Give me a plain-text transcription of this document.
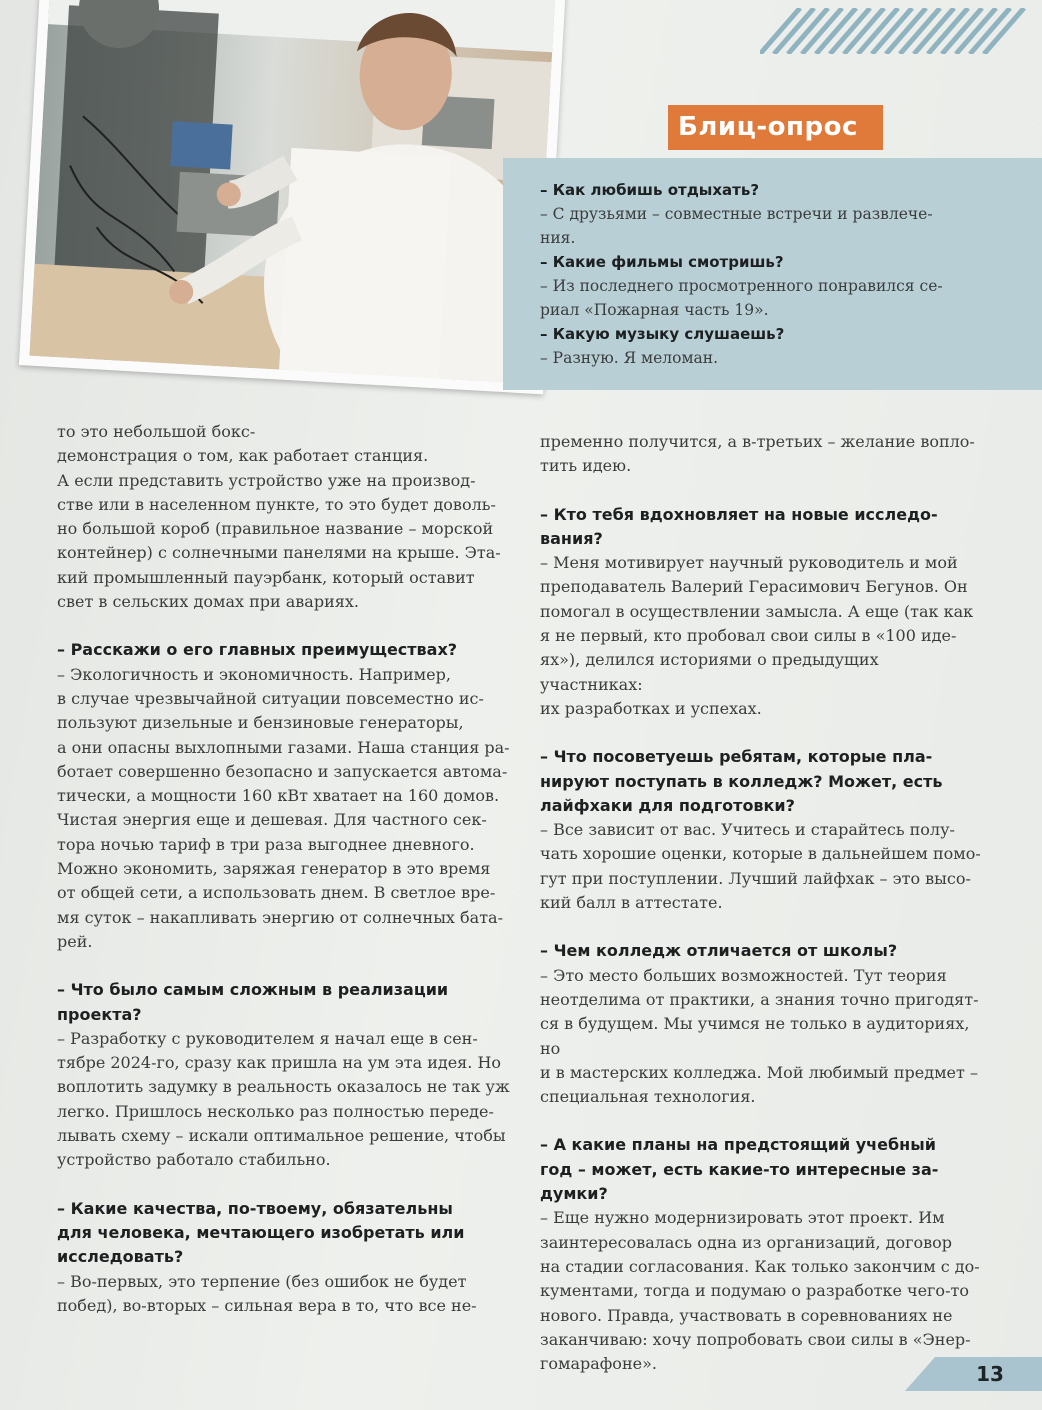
Блиц-опрос
– Как любишь отдыхать?
– С друзьями – совместные встречи и развлече-
ния.
– Какие фильмы смотришь?
– Из последнего просмотренного понравился се-
риал «Пожарная часть 19».
– Какую музыку слушаешь?
– Разную. Я меломан.
то это небольшой бокс-
демонстрация о том, как работает станция.
А если представить устройство уже на производ-
стве или в населенном пункте, то это будет доволь-
но большой короб (правильное название – морской
контейнер) с солнечными панелями на крыше. Эта-
кий промышленный пауэрбанк, который оставит
свет в сельских домах при авариях.
– Расскажи о его главных преимуществах?
– Экологичность и экономичность. Например,
в случае чрезвычайной ситуации повсеместно ис-
пользуют дизельные и бензиновые генераторы,
а они опасны выхлопными газами. Наша станция ра-
ботает совершенно безопасно и запускается автома-
тически, а мощности 160 кВт хватает на 160 домов.
Чистая энергия еще и дешевая. Для частного сек-
тора ночью тариф в три раза выгоднее дневного.
Можно экономить, заряжая генератор в это время
от общей сети, а использовать днем. В светлое вре-
мя суток – накапливать энергию от солнечных бата-
рей.
– Что было самым сложным в реализации
проекта?
– Разработку с руководителем я начал еще в сен-
тябре 2024-го, сразу как пришла на ум эта идея. Но
воплотить задумку в реальность оказалось не так уж
легко. Пришлось несколько раз полностью переде-
лывать схему – искали оптимальное решение, чтобы
устройство работало стабильно.
– Какие качества, по-твоему, обязательны
для человека, мечтающего изобретать или
исследовать?
– Во-первых, это терпение (без ошибок не будет
побед), во-вторых – сильная вера в то, что все не-
пременно получится, а в-третьих – желание вопло-
тить идею.
– Кто тебя вдохновляет на новые исследо-
вания?
– Меня мотивирует научный руководитель и мой
преподаватель Валерий Герасимович Бегунов. Он
помогал в осуществлении замысла. А еще (так как
я не первый, кто пробовал свои силы в «100 иде-
ях»), делился историями о предыдущих участниках:
их разработках и успехах.
– Что посоветуешь ребятам, которые пла-
нируют поступать в колледж? Может, есть
лайфхаки для подготовки?
– Все зависит от вас. Учитесь и старайтесь полу-
чать хорошие оценки, которые в дальнейшем помо-
гут при поступлении. Лучший лайфхак – это высо-
кий балл в аттестате.
– Чем колледж отличается от школы?
– Это место больших возможностей. Тут теория
неотделима от практики, а знания точно пригодят-
ся в будущем. Мы учимся не только в аудиториях, но
и в мастерских колледжа. Мой любимый предмет –
специальная технология.
– А какие планы на предстоящий учебный
год – может, есть какие-то интересные за-
думки?
– Еще нужно модернизировать этот проект. Им
заинтересовалась одна из организаций, договор
на стадии согласования. Как только закончим с до-
кументами, тогда и подумаю о разработке чего-то
нового. Правда, участвовать в соревнованиях не
заканчиваю: хочу попробовать свои силы в «Энер-
гомарафоне».	13
